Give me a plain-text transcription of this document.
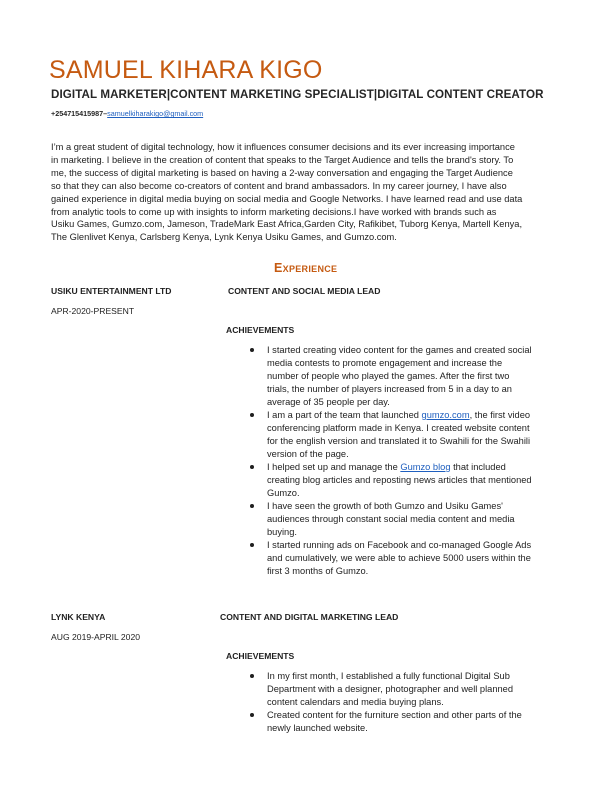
SAMUEL KIHARA KIGO
DIGITAL MARKETER|CONTENT MARKETING SPECIALIST|DIGITAL CONTENT CREATOR
+254715415987–samuelkiharakigo@gmail.com
I’m a great student of digital technology, how it influences consumer decisions and its ever increasing importance
in marketing. I believe in the creation of content that speaks to the Target Audience and tells the brand's story. To
me, the success of digital marketing is based on having a 2-way conversation and engaging the Target Audience
so that they can also become co-creators of content and brand ambassadors. In my career journey, I have also
gained experience in digital media buying on social media and Google Networks. I have learned read and use data
from analytic tools to come up with insights to inform marketing decisions.I have worked with brands such as
Usiku Games, Gumzo.com, Jameson, TradeMark East Africa,Garden City, Rafikibet, Tuborg Kenya, Martell Kenya,
The Glenlivet Kenya, Carlsberg Kenya, Lynk Kenya Usiku Games, and Gumzo.com.
Experience
USIKU ENTERTAINMENT LTD	CONTENT AND SOCIAL MEDIA LEAD
APR-2020-PRESENT
ACHIEVEMENTS
I started creating video content for the games and created social
media contests to promote engagement and increase the
number of people who played the games. After the first two
trials, the number of players increased from 5 in a day to an
average of 35 people per day.
I am a part of the team that launched gumzo.com, the first video
conferencing platform made in Kenya. I created website content
for the english version and translated it to Swahili for the Swahili
version of the page.
I helped set up and manage the Gumzo blog that included
creating blog articles and reposting news articles that mentioned
Gumzo.
I have seen the growth of both Gumzo and Usiku Games'
audiences through constant social media content and media
buying.
I started running ads on Facebook and co-managed Google Ads
and cumulatively, we were able to achieve 5000 users within the
first 3 months of Gumzo.
LYNK KENYA	CONTENT AND DIGITAL MARKETING LEAD
AUG 2019-APRIL 2020
ACHIEVEMENTS
In my first month, I established a fully functional Digital Sub
Department with a designer, photographer and well planned
content calendars and media buying plans.
Created content for the furniture section and other parts of the
newly launched website.
